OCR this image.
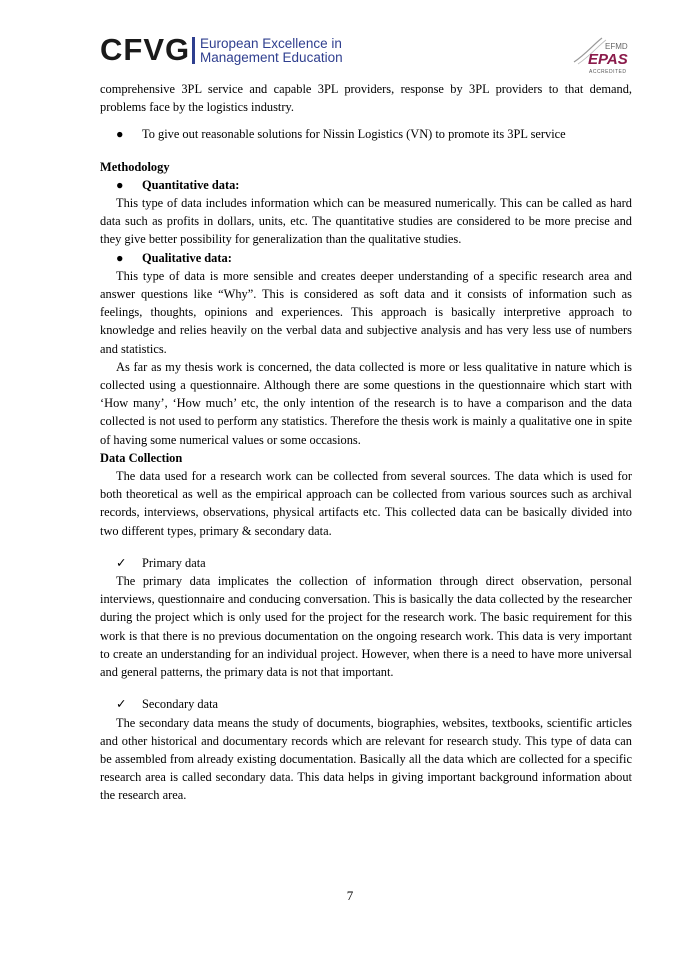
CFVG European Excellence in
Management Education
EFMD
EPAS
ACCREDITED

comprehensive 3PL service and capable 3PL providers, response by 3PL providers to that demand, problems face by the logistics industry.

● To give out reasonable solutions for Nissin Logistics (VN) to promote its 3PL service

Methodology

● Quantitative data:

This type of data includes information which can be measured numerically. This can be called as hard data such as profits in dollars, units, etc. The quantitative studies are considered to be more precise and they give better possibility for generalization than the qualitative studies.

● Qualitative data:

This type of data is more sensible and creates deeper understanding of a specific research area and answer questions like “Why”. This is considered as soft data and it consists of information such as feelings, thoughts, opinions and experiences. This approach is basically interpretive approach to knowledge and relies heavily on the verbal data and subjective analysis and has very less use of numbers and statistics.

As far as my thesis work is concerned, the data collected is more or less qualitative in nature which is collected using a questionnaire. Although there are some questions in the questionnaire which start with ‘How many’, ‘How much’ etc, the only intention of the research is to have a comparison and the data collected is not used to perform any statistics. Therefore the thesis work is mainly a qualitative one in spite of having some numerical values or some occasions.

Data Collection

The data used for a research work can be collected from several sources. The data which is used for both theoretical as well as the empirical approach can be collected from various sources such as archival records, interviews, observations, physical artifacts etc. This collected data can be basically divided into two different types, primary & secondary data.

✓ Primary data

The primary data implicates the collection of information through direct observation, personal interviews, questionnaire and conducing conversation. This is basically the data collected by the researcher during the project which is only used for the project for the research work. The basic requirement for this work is that there is no previous documentation on the ongoing research work. This data is very important to create an understanding for an individual project. However, when there is a need to have more universal and general patterns, the primary data is not that important.

✓ Secondary data

The secondary data means the study of documents, biographies, websites, textbooks, scientific articles and other historical and documentary records which are relevant for research study. This type of data can be assembled from already existing documentation. Basically all the data which are collected for a specific research area is called secondary data. This data helps in giving important background information about the research area.

7
